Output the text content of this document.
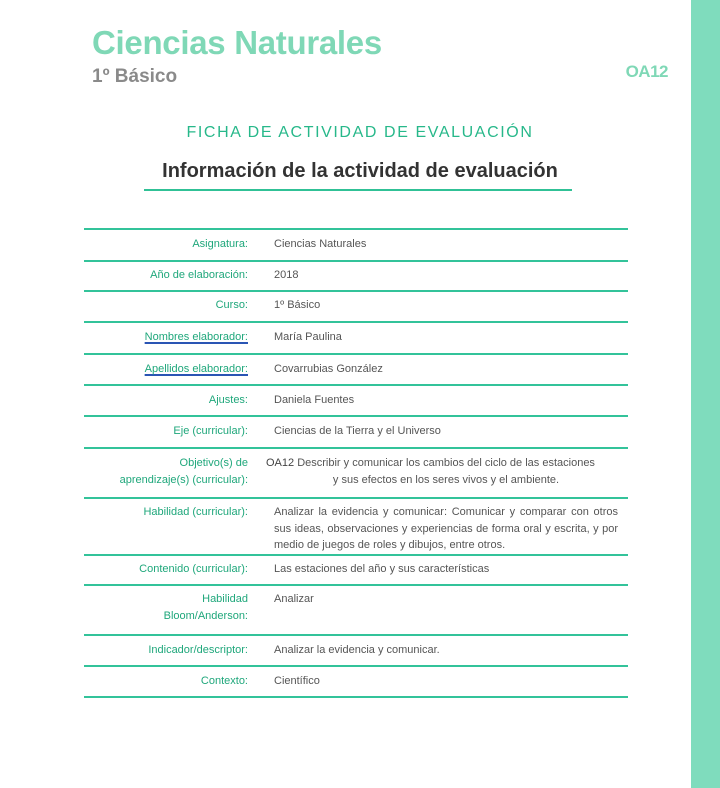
Ciencias Naturales
1º Básico	OA12
FICHA DE ACTIVIDAD DE EVALUACIÓN
Información de la actividad de evaluación
Asignatura:	Ciencias Naturales
Año de elaboración:	2018
Curso:	1º Básico
Nombres elaborador:	María Paulina
Apellidos elaborador:	Covarrubias González
Ajustes:	Daniela Fuentes
Eje (curricular):	Ciencias de la Tierra y el Universo

Objetivo(s) de
aprendizaje(s) (curricular):	OA12 Describir y comunicar los cambios del ciclo de las estaciones
y sus efectos en los seres vivos y el ambiente.

Habilidad (curricular):	Analizar la evidencia y comunicar: Comunicar y comparar con otros sus ideas, observaciones y experiencias de forma oral y escrita, y por medio de juegos de roles y dibujos, entre otros.
Contenido (curricular):	Las estaciones del año y sus características

Habilidad
Bloom/Anderson:	Analizar
Indicador/descriptor:	Analizar la evidencia y comunicar.
Contexto:	Científico
